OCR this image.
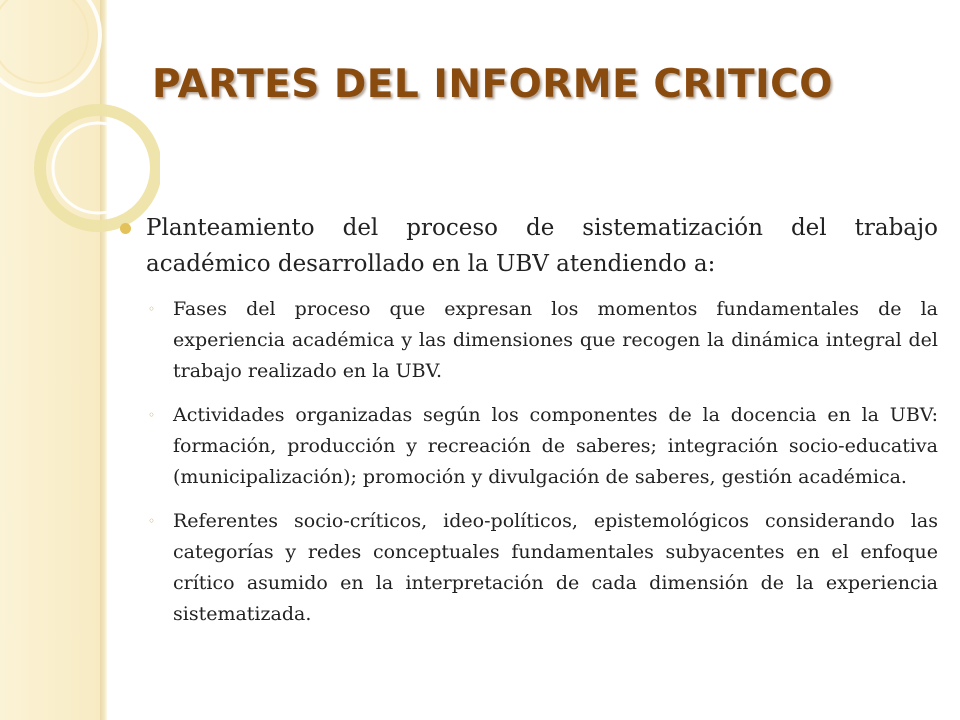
PARTES DEL INFORME CRITICO
Planteamiento del proceso de sistematización del trabajo académico desarrollado en la UBV atendiendo a:
◦ Fases del proceso que expresan los momentos fundamentales de la experiencia académica y las dimensiones que recogen la dinámica integral del trabajo realizado en la UBV.
◦ Actividades organizadas según los componentes de la docencia en la UBV: formación, producción y recreación de saberes; integración socio-educativa (municipalización); promoción y divulgación de saberes, gestión académica.
◦ Referentes socio-críticos, ideo-políticos, epistemológicos considerando las categorías y redes conceptuales fundamentales subyacentes en el enfoque crítico asumido en la interpretación de cada dimensión de la experiencia sistematizada.
